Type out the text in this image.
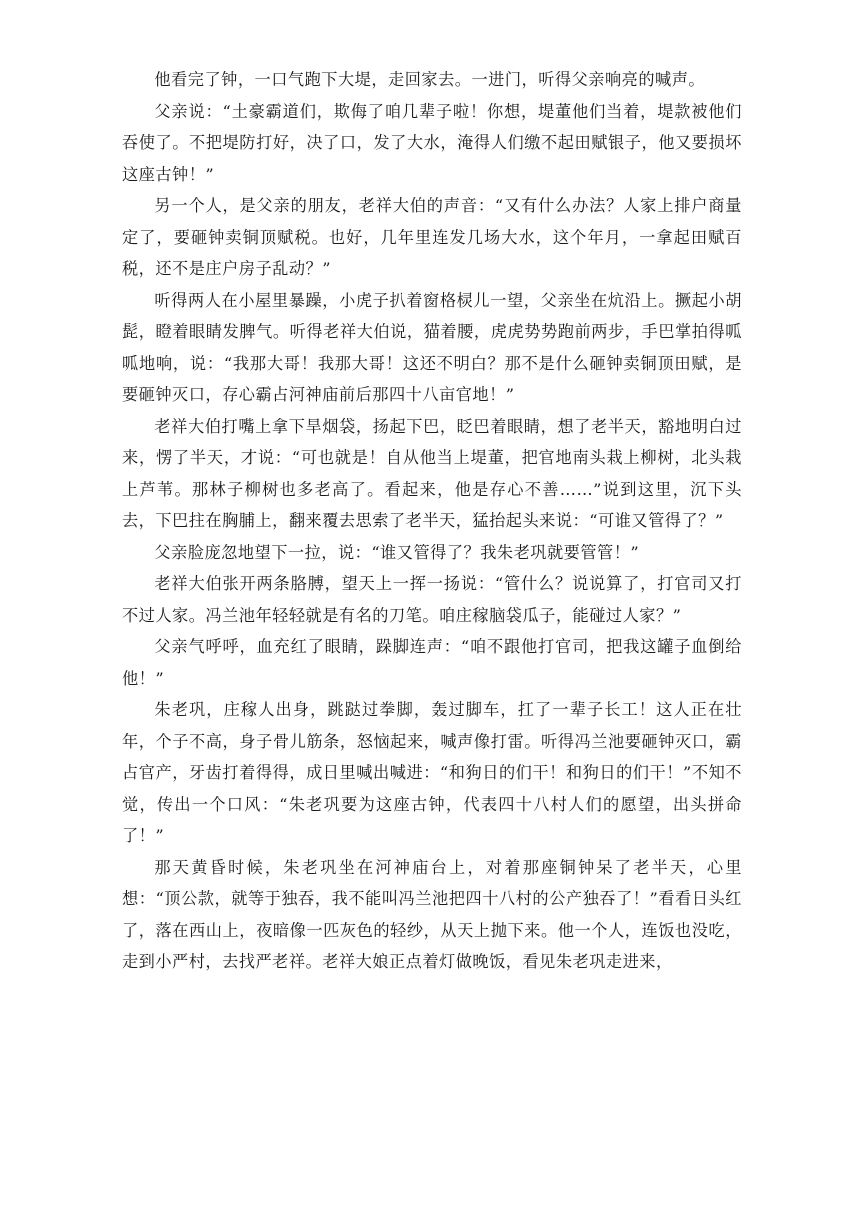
他看完了钟，一口气跑下大堤，走回家去。一进门，听得父亲响亮的喊声。

父亲说：“土豪霸道们，欺侮了咱几辈子啦！你想，堤董他们当着，堤款被他们吞使了。不把堤防打好，决了口，发了大水，淹得人们缴不起田赋银子，他又要损坏这座古钟！”

另一个人，是父亲的朋友，老祥大伯的声音：“又有什么办法？人家上排户商量定了，要砸钟卖铜顶赋税。也好，几年里连发几场大水，这个年月，一拿起田赋百税，还不是庄户房子乱动？”

听得两人在小屋里暴躁，小虎子扒着窗格棂儿一望，父亲坐在炕沿上。撅起小胡髭，瞪着眼睛发脾气。听得老祥大伯说，猫着腰，虎虎势势跑前两步，手巴掌拍得呱呱地响，说：“我那大哥！我那大哥！这还不明白？那不是什么砸钟卖铜顶田赋，是要砸钟灭口，存心霸占河神庙前后那四十八亩官地！”

老祥大伯打嘴上拿下旱烟袋，扬起下巴，眨巴着眼睛，想了老半天，豁地明白过来，愣了半天，才说：“可也就是！自从他当上堤董，把官地南头栽上柳树，北头栽上芦苇。那林子柳树也多老高了。看起来，他是存心不善……”说到这里，沉下头去，下巴拄在胸脯上，翻来覆去思索了老半天，猛抬起头来说：“可谁又管得了？”

父亲脸庞忽地望下一拉，说：“谁又管得了？我朱老巩就要管管！”

老祥大伯张开两条胳膊，望天上一挥一扬说：“管什么？说说算了，打官司又打不过人家。冯兰池年轻轻就是有名的刀笔。咱庄稼脑袋瓜子，能碰过人家？”

父亲气呼呼，血充红了眼睛，跺脚连声：“咱不跟他打官司，把我这罐子血倒给他！”

朱老巩，庄稼人出身，跳跶过拳脚，轰过脚车，扛了一辈子长工！这人正在壮年，个子不高，身子骨儿筋条，怒恼起来，喊声像打雷。听得冯兰池要砸钟灭口，霸占官产，牙齿打着得得，成日里喊出喊进：“和狗日的们干！和狗日的们干！”不知不觉，传出一个口风：“朱老巩要为这座古钟，代表四十八村人们的愿望，出头拼命了！”

那天黄昏时候，朱老巩坐在河神庙台上，对着那座铜钟呆了老半天，心里想：“顶公款，就等于独吞，我不能叫冯兰池把四十八村的公产独吞了！”看看日头红了，落在西山上，夜暗像一匹灰色的轻纱，从天上抛下来。他一个人，连饭也没吃，走到小严村，去找严老祥。老祥大娘正点着灯做晚饭，看见朱老巩走进来，
